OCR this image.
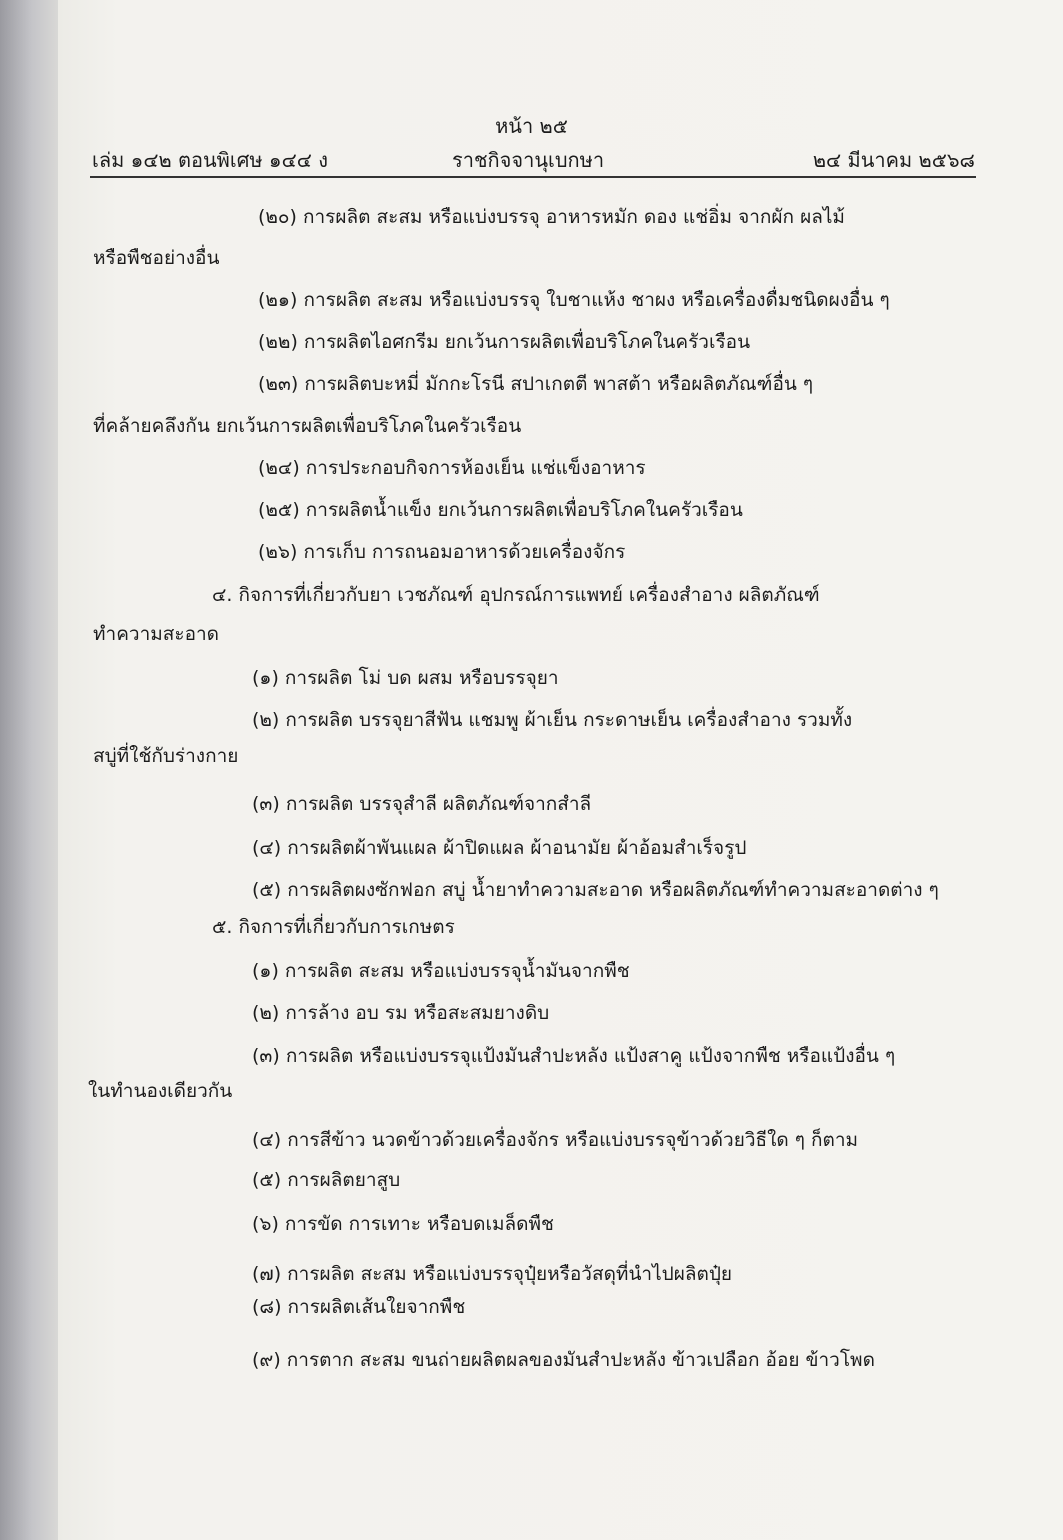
หน้า ๒๕
เล่ม ๑๔๒ ตอนพิเศษ ๑๔๔ ง	ราชกิจจานุเบกษา	๒๔ มีนาคม ๒๕๖๘
(๒๐) การผลิต สะสม หรือแบ่งบรรจุ อาหารหมัก ดอง แช่อิ่ม จากผัก ผลไม้
หรือพืชอย่างอื่น
(๒๑) การผลิต สะสม หรือแบ่งบรรจุ ใบชาแห้ง ชาผง หรือเครื่องดื่มชนิดผงอื่น ๆ
(๒๒) การผลิตไอศกรีม ยกเว้นการผลิตเพื่อบริโภคในครัวเรือน
(๒๓) การผลิตบะหมี่ มักกะโรนี สปาเกตตี พาสต้า หรือผลิตภัณฑ์อื่น ๆ
ที่คล้ายคลึงกัน ยกเว้นการผลิตเพื่อบริโภคในครัวเรือน
(๒๔) การประกอบกิจการห้องเย็น แช่แข็งอาหาร
(๒๕) การผลิตน้ำแข็ง ยกเว้นการผลิตเพื่อบริโภคในครัวเรือน
(๒๖) การเก็บ การถนอมอาหารด้วยเครื่องจักร
๔. กิจการที่เกี่ยวกับยา เวชภัณฑ์ อุปกรณ์การแพทย์ เครื่องสำอาง ผลิตภัณฑ์
ทำความสะอาด
(๑) การผลิต โม่ บด ผสม หรือบรรจุยา
(๒) การผลิต บรรจุยาสีฟัน แชมพู ผ้าเย็น กระดาษเย็น เครื่องสำอาง รวมทั้ง
สบู่ที่ใช้กับร่างกาย
(๓) การผลิต บรรจุสำลี ผลิตภัณฑ์จากสำลี
(๔) การผลิตผ้าพันแผล ผ้าปิดแผล ผ้าอนามัย ผ้าอ้อมสำเร็จรูป
(๕) การผลิตผงซักฟอก สบู่ น้ำยาทำความสะอาด หรือผลิตภัณฑ์ทำความสะอาดต่าง ๆ
๕. กิจการที่เกี่ยวกับการเกษตร
(๑) การผลิต สะสม หรือแบ่งบรรจุน้ำมันจากพืช
(๒) การล้าง อบ รม หรือสะสมยางดิบ
(๓) การผลิต หรือแบ่งบรรจุแป้งมันสำปะหลัง แป้งสาคู แป้งจากพืช หรือแป้งอื่น ๆ
ในทำนองเดียวกัน
(๔) การสีข้าว นวดข้าวด้วยเครื่องจักร หรือแบ่งบรรจุข้าวด้วยวิธีใด ๆ ก็ตาม
(๕) การผลิตยาสูบ
(๖) การขัด การเทาะ หรือบดเมล็ดพืช
(๗) การผลิต สะสม หรือแบ่งบรรจุปุ๋ยหรือวัสดุที่นำไปผลิตปุ๋ย
(๘) การผลิตเส้นใยจากพืช
(๙) การตาก สะสม ขนถ่ายผลิตผลของมันสำปะหลัง ข้าวเปลือก อ้อย ข้าวโพด
